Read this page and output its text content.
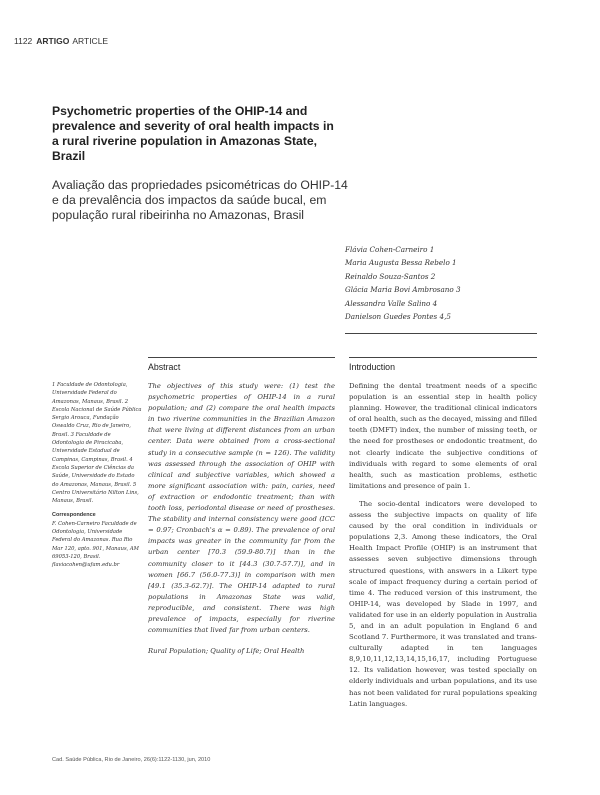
1122 ARTIGO ARTICLE
Psychometric properties of the OHIP-14 and prevalence and severity of oral health impacts in a rural riverine population in Amazonas State, Brazil
Avaliação das propriedades psicométricas do OHIP-14 e da prevalência dos impactos da saúde bucal, em população rural ribeirinha no Amazonas, Brasil
Flávia Cohen-Carneiro 1
Maria Augusta Bessa Rebelo 1
Reinaldo Souza-Santos 2
Glácia Maria Bovi Ambrosano 3
Alessandra Valle Salino 4
Danielson Guedes Pontes 4,5
Abstract	Introduction
1 Faculdade de Odontologia, Universidade Federal do Amazonas, Manaus, Brasil. 2 Escola Nacional de Saúde Pública Sergio Arouca, Fundação Oswaldo Cruz, Rio de Janeiro, Brasil. 3 Faculdade de Odontologia de Piracicaba, Universidade Estadual de Campinas, Campinas, Brasil. 4 Escola Superior de Ciências da Saúde, Universidade do Estado do Amazonas, Manaus, Brasil. 5 Centro Universitário Nilton Lins, Manaus, Brasil.
Correspondence
F. Cohen-Carneiro Faculdade de Odontologia, Universidade Federal do Amazonas. Rua Rio Mar 120, apto. 901, Manaus, AM 69053-120, Brasil. flaviacohen@ufam.edu.br

The objectives of this study were: (1) test the psychometric properties of OHIP-14 in a rural population; and (2) compare the oral health impacts in two riverine communities in the Brazilian Amazon that were living at different distances from an urban center. Data were obtained from a cross-sectional study in a consecutive sample (n = 126). The validity was assessed through the association of OHIP with clinical and subjective variables, which showed a more significant association with: pain, caries, need of extraction or endodontic treatment; than with tooth loss, periodontal disease or need of prostheses. The stability and internal consistency were good (ICC = 0.97; Cronbach's α = 0.89). The prevalence of oral impacts was greater in the community far from the urban center [70.3 (59.9-80.7)] than in the community closer to it [44.3 (30.7-57.7)], and in women [66.7 (56.0-77.3)] in comparison with men [49.1 (35.3-62.7)]. The OHIP-14 adapted to rural populations in Amazonas State was valid, reproducible, and consistent. There was high prevalence of impacts, especially for riverine communities that lived far from urban centers.

Rural Population; Quality of Life; Oral Health

Defining the dental treatment needs of a specific population is an essential step in health policy planning. However, the traditional clinical indicators of oral health, such as the decayed, missing and filled teeth (DMFT) index, the number of missing teeth, or the need for prostheses or endodontic treatment, do not clearly indicate the subjective conditions of individuals with regard to some elements of oral health, such as mastication problems, esthetic limitations and presence of pain 1.

The socio-dental indicators were developed to assess the subjective impacts on quality of life caused by the oral condition in individuals or populations 2,3. Among these indicators, the Oral Health Impact Profile (OHIP) is an instrument that assesses seven subjective dimensions through structured questions, with answers in a Likert type scale of impact frequency during a certain period of time 4. The reduced version of this instrument, the OHIP-14, was developed by Slade in 1997, and validated for use in an elderly population in Australia 5, and in an adult population in England 6 and Scotland 7. Furthermore, it was translated and trans-culturally adapted in ten languages 8,9,10,11,12,13,14,15,16,17, including Portuguese 12. Its validation however, was tested specially on elderly individuals and urban populations, and its use has not been validated for rural populations speaking Latin languages.

Cad. Saúde Pública, Rio de Janeiro, 26(6):1122-1130, jun, 2010
